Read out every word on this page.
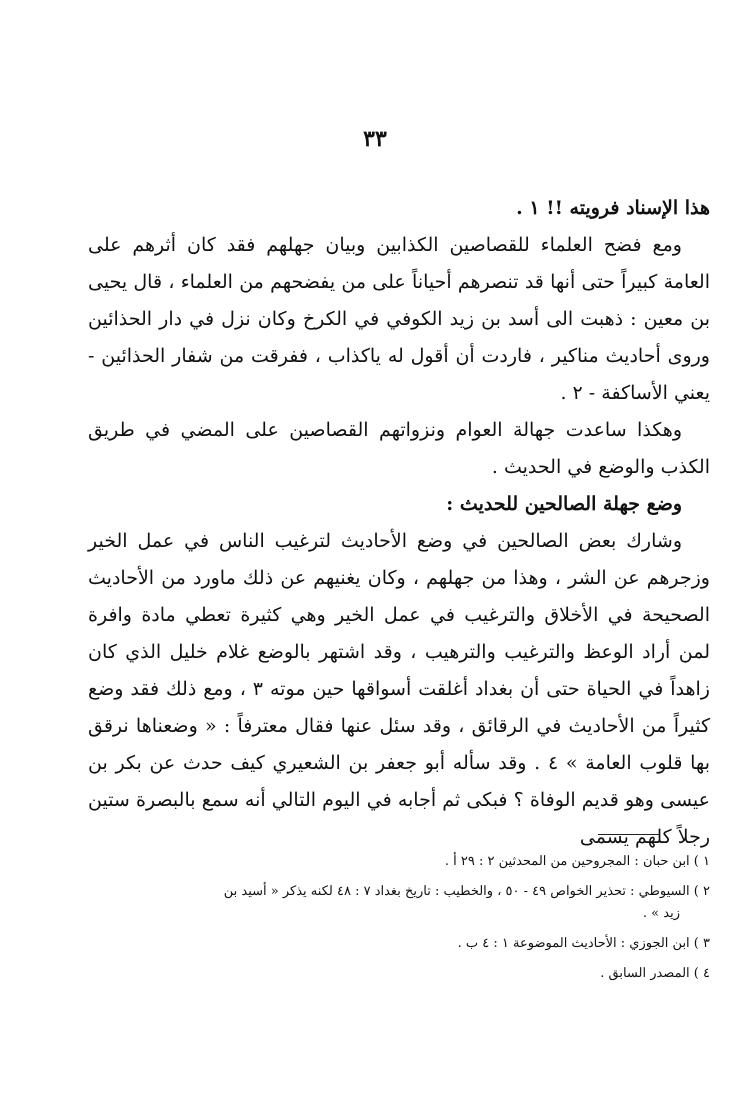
٣٣

هذا الإسناد فرويته !! ١ .

ومع فضح العلماء للقصاصين الكذابين وبيان جهلهم فقد كان أثرهم على العامة كبيراً حتى أنها قد تنصرهم أحياناً على من يفضحهم من العلماء ، قال يحيى بن معين : ذهبت الى أسد بن زيد الكوفي في الكرخ وكان نزل في دار الحذائين وروى أحاديث مناكير ، فاردت أن أقول له ياكذاب ، ففرقت من شفار الحذائين - يعني الأساكفة - ٢ .

وهكذا ساعدت جهالة العوام ونزواتهم القصاصين على المضي في طريق الكذب والوضع في الحديث .

وضع جهلة الصالحين للحديث :

وشارك بعض الصالحين في وضع الأحاديث لترغيب الناس في عمل الخير وزجرهم عن الشر ، وهذا من جهلهم ، وكان يغنيهم عن ذلك ماورد من الأحاديث الصحيحة في الأخلاق والترغيب في عمل الخير وهي كثيرة تعطي مادة وافرة لمن أراد الوعظ والترغيب والترهيب ، وقد اشتهر بالوضع غلام خليل الذي كان زاهداً في الحياة حتى أن بغداد أغلقت أسواقها حين موته ٣ ، ومع ذلك فقد وضع كثيراً من الأحاديث في الرقائق ، وقد سئل عنها فقال معترفاً : « وضعناها نرقق بها قلوب العامة » ٤ . وقد سأله أبو جعفر بن الشعيري كيف حدث عن بكر بن عيسى وهو قديم الوفاة ؟ فبكى ثم أجابه في اليوم التالي أنه سمع بالبصرة ستين رجلاً كلهم يسمى

١ ) ابن حبان : المجروحين من المحدثين ٢ : ٢٩ أ .

٢ ) السيوطي : تحذير الخواص ٤٩ - ٥٠ ، والخطيب : تاريخ بغداد ٧ : ٤٨ لكنه يذكر « أسيد بن

زيد » .

٣ ) ابن الجوزي : الأحاديث الموضوعة ١ : ٤ ب .

٤ ) المصدر السابق .
